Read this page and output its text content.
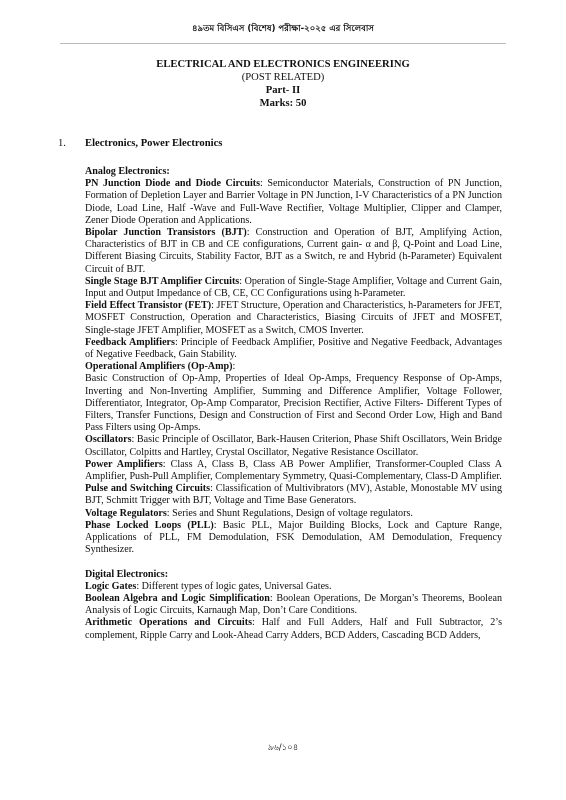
৪৯তম বিসিএস (বিশেষ) পরীক্ষা-২০২৫ এর সিলেবাস
ELECTRICAL AND ELECTRONICS ENGINEERING
(POST RELATED)
Part- II
Marks: 50
1. Electronics, Power Electronics

Analog Electronics:

PN Junction Diode and Diode Circuits: Semiconductor Materials, Construction of PN Junction, Formation of Depletion Layer and Barrier Voltage in PN Junction, I-V Characteristics of a PN Junction Diode, Load Line, Half -Wave and Full-Wave Rectifier, Voltage Multiplier, Clipper and Clamper, Zener Diode Operation and Applications.

Bipolar Junction Transistors (BJT): Construction and Operation of BJT, Amplifying Action, Characteristics of BJT in CB and CE configurations, Current gain- α and β, Q-Point and Load Line, Different Biasing Circuits, Stability Factor, BJT as a Switch, re and Hybrid (h-Parameter) Equivalent Circuit of BJT.

Single Stage BJT Amplifier Circuits: Operation of Single-Stage Amplifier, Voltage and Current Gain, Input and Output Impedance of CB, CE, CC Configurations using h-Parameter.

Field Effect Transistor (FET): JFET Structure, Operation and Characteristics, h-Parameters for JFET, MOSFET Construction, Operation and Characteristics, Biasing Circuits of JFET and MOSFET, Single-stage JFET Amplifier, MOSFET as a Switch, CMOS Inverter.

Feedback Amplifiers: Principle of Feedback Amplifier, Positive and Negative Feedback, Advantages of Negative Feedback, Gain Stability.

Operational Amplifiers (Op-Amp):

Basic Construction of Op-Amp, Properties of Ideal Op-Amps, Frequency Response of Op-Amps, Inverting and Non-Inverting Amplifier, Summing and Difference Amplifier, Voltage Follower, Differentiator, Integrator, Op-Amp Comparator, Precision Rectifier, Active Filters- Different Types of Filters, Transfer Functions, Design and Construction of First and Second Order Low, High and Band Pass Filters using Op-Amps.

Oscillators: Basic Principle of Oscillator, Bark-Hausen Criterion, Phase Shift Oscillators, Wein Bridge Oscillator, Colpitts and Hartley, Crystal Oscillator, Negative Resistance Oscillator.

Power Amplifiers: Class A, Class B, Class AB Power Amplifier, Transformer-Coupled Class A Amplifier, Push-Pull Amplifier, Complementary Symmetry, Quasi-Complementary, Class-D Amplifier.

Pulse and Switching Circuits: Classification of Multivibrators (MV), Astable, Monostable MV using BJT, Schmitt Trigger with BJT, Voltage and Time Base Generators.

Voltage Regulators: Series and Shunt Regulations, Design of voltage regulators.

Phase Locked Loops (PLL): Basic PLL, Major Building Blocks, Lock and Capture Range, Applications of PLL, FM Demodulation, FSK Demodulation, AM Demodulation, Frequency Synthesizer.

Digital Electronics:

Logic Gates: Different types of logic gates, Universal Gates.

Boolean Algebra and Logic Simplification: Boolean Operations, De Morgan’s Theorems, Boolean Analysis of Logic Circuits, Karnaugh Map, Don’t Care Conditions.

Arithmetic Operations and Circuits: Half and Full Adders, Half and Full Subtractor, 2’s complement, Ripple Carry and Look-Ahead Carry Adders, BCD Adders, Cascading BCD Adders,

৯৬/১০৪
